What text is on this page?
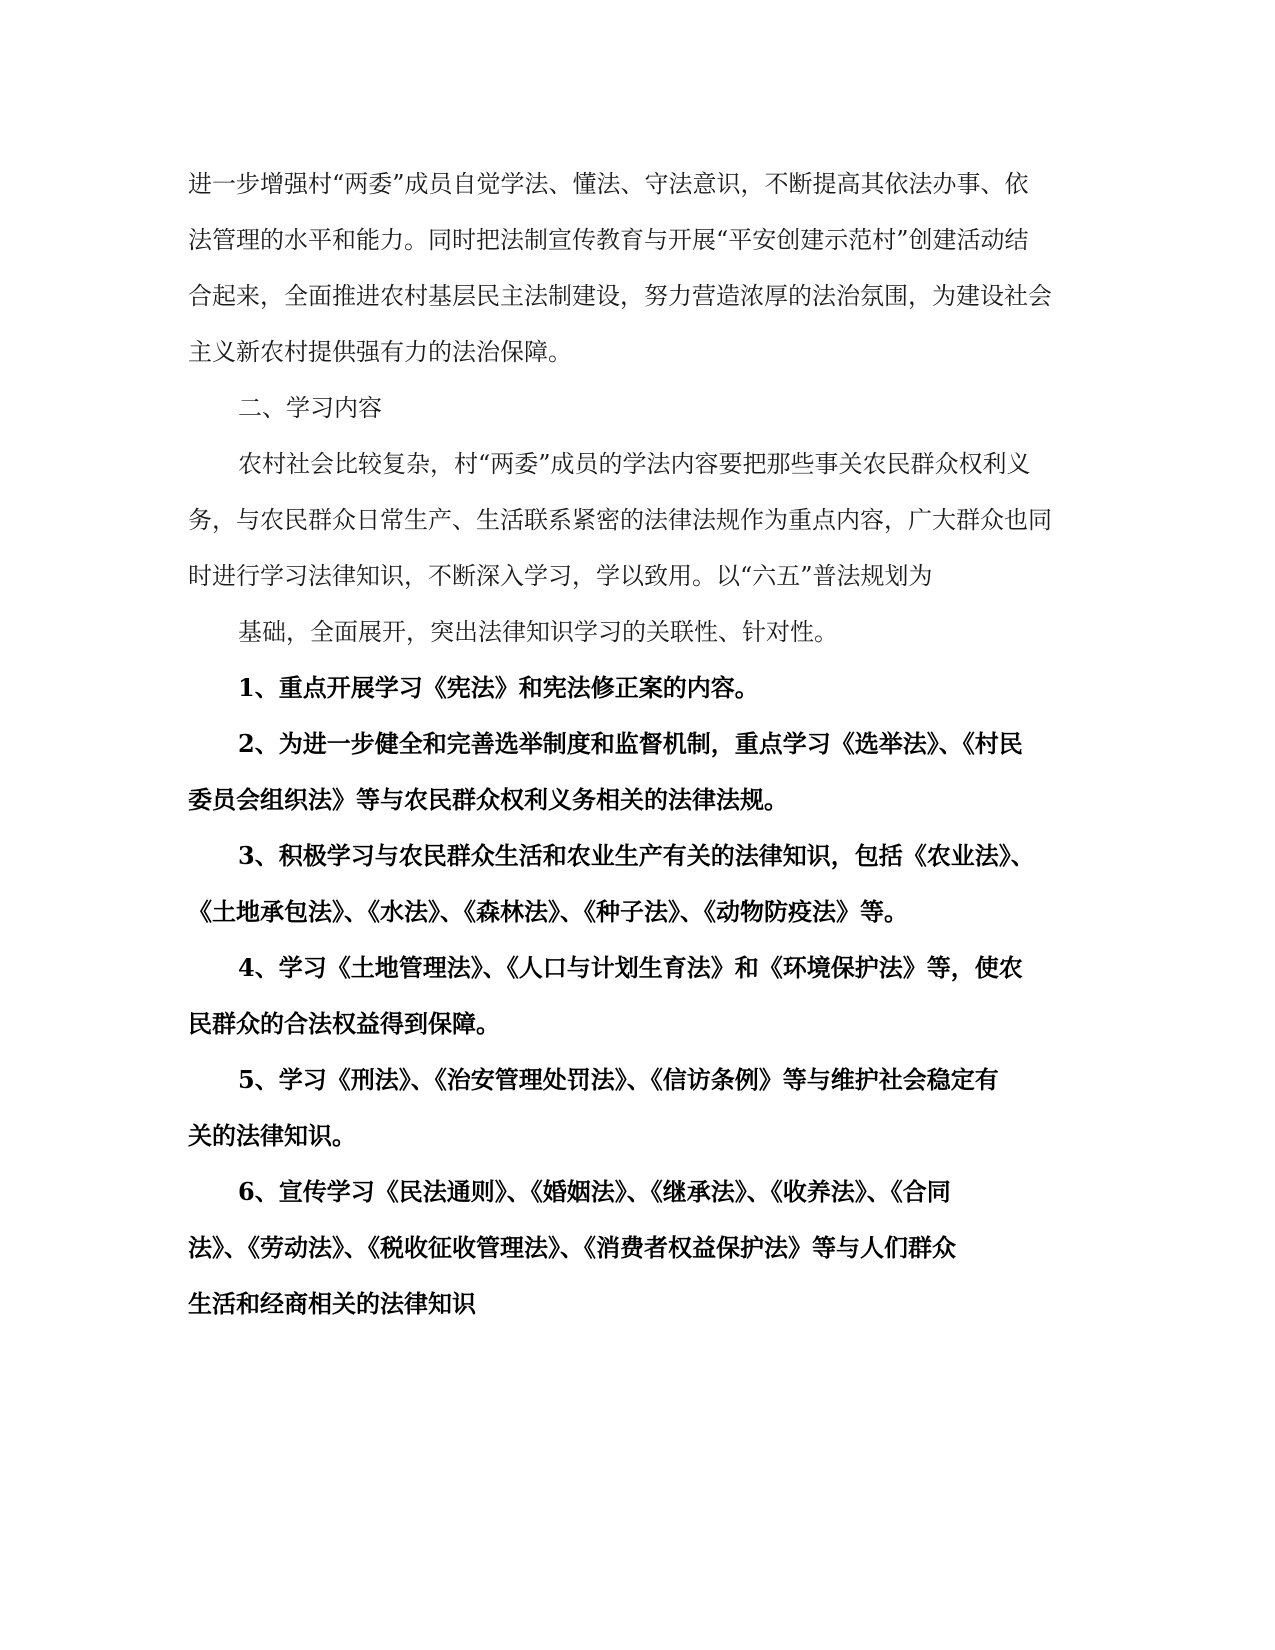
进一步增强村“两委”成员自觉学法、懂法、守法意识，不断提高其依法办事、依
法管理的水平和能力。同时把法制宣传教育与开展“平安创建示范村”创建活动结
合起来，全面推进农村基层民主法制建设，努力营造浓厚的法治氛围，为建设社会
主义新农村提供强有力的法治保障。
二、学习内容
农村社会比较复杂，村“两委”成员的学法内容要把那些事关农民群众权利义
务，与农民群众日常生产、生活联系紧密的法律法规作为重点内容，广大群众也同
时进行学习法律知识，不断深入学习，学以致用。以“六五”普法规划为
基础，全面展开，突出法律知识学习的关联性、针对性。
1、重点开展学习《宪法》和宪法修正案的内容。
2、为进一步健全和完善选举制度和监督机制，重点学习《选举法》、《村民
委员会组织法》等与农民群众权利义务相关的法律法规。
3、积极学习与农民群众生活和农业生产有关的法律知识，包括《农业法》、
《土地承包法》、《水法》、《森林法》、《种子法》、《动物防疫法》等。
4、学习《土地管理法》、《人口与计划生育法》和《环境保护法》等，使农
民群众的合法权益得到保障。
5、学习《刑法》、《治安管理处罚法》、《信访条例》等与维护社会稳定有
关的法律知识。
6、宣传学习《民法通则》、《婚姻法》、《继承法》、《收养法》、《合同
法》、《劳动法》、《税收征收管理法》、《消费者权益保护法》等与人们群众
生活和经商相关的法律知识
